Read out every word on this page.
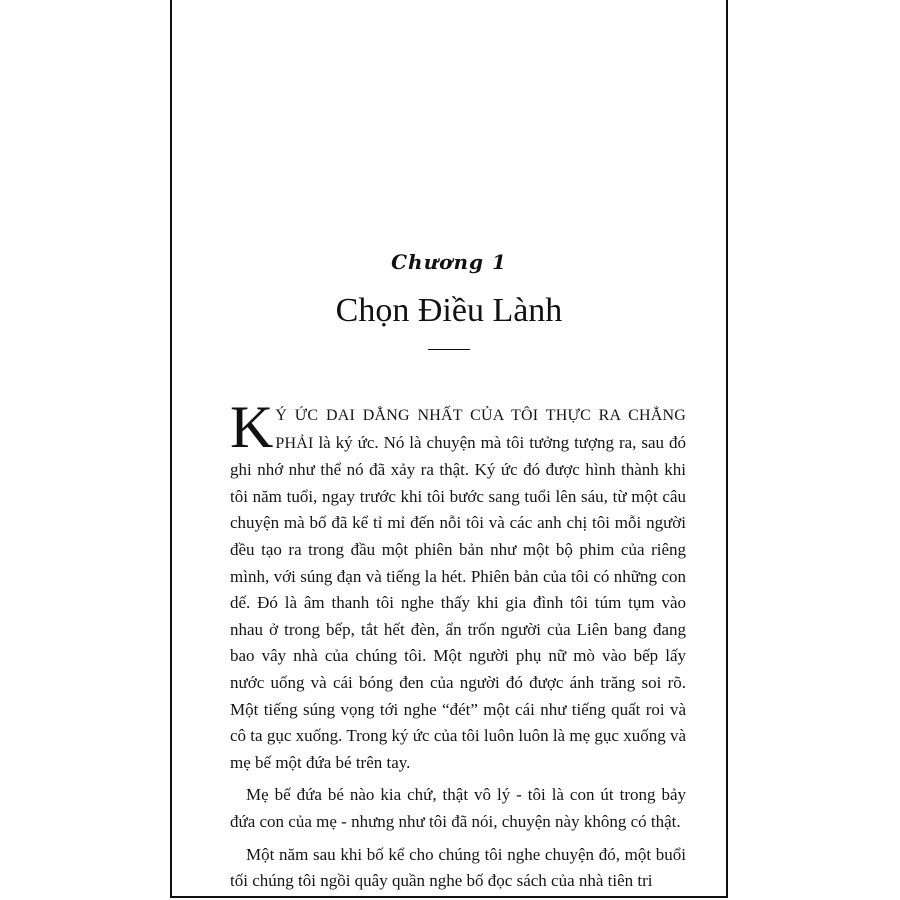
Chương 1
Chọn Điều Lành

K Ý ỨC DAI DẲNG NHẤT CỦA TÔI THỰC RA CHẲNG PHẢI là ký ức. Nó là chuyện mà tôi tưởng tượng ra, sau đó ghi nhớ như thể nó đã xảy ra thật. Ký ức đó được hình thành khi tôi năm tuổi, ngay trước khi tôi bước sang tuổi lên sáu, từ một câu chuyện mà bố đã kể tỉ mỉ đến nỗi tôi và các anh chị tôi mỗi người đều tạo ra trong đầu một phiên bản như một bộ phim của riêng mình, với súng đạn và tiếng la hét. Phiên bản của tôi có những con dế. Đó là âm thanh tôi nghe thấy khi gia đình tôi túm tụm vào nhau ở trong bếp, tắt hết đèn, ẩn trốn người của Liên bang đang bao vây nhà của chúng tôi. Một người phụ nữ mò vào bếp lấy nước uống và cái bóng đen của người đó được ánh trăng soi rõ. Một tiếng súng vọng tới nghe “đét” một cái như tiếng quất roi và cô ta gục xuống. Trong ký ức của tôi luôn luôn là mẹ gục xuống và mẹ bế một đứa bé trên tay.

Mẹ bế đứa bé nào kia chứ, thật vô lý - tôi là con út trong bảy đứa con của mẹ - nhưng như tôi đã nói, chuyện này không có thật.

Một năm sau khi bố kể cho chúng tôi nghe chuyện đó, một buổi tối chúng tôi ngồi quây quần nghe bố đọc sách của nhà tiên tri
